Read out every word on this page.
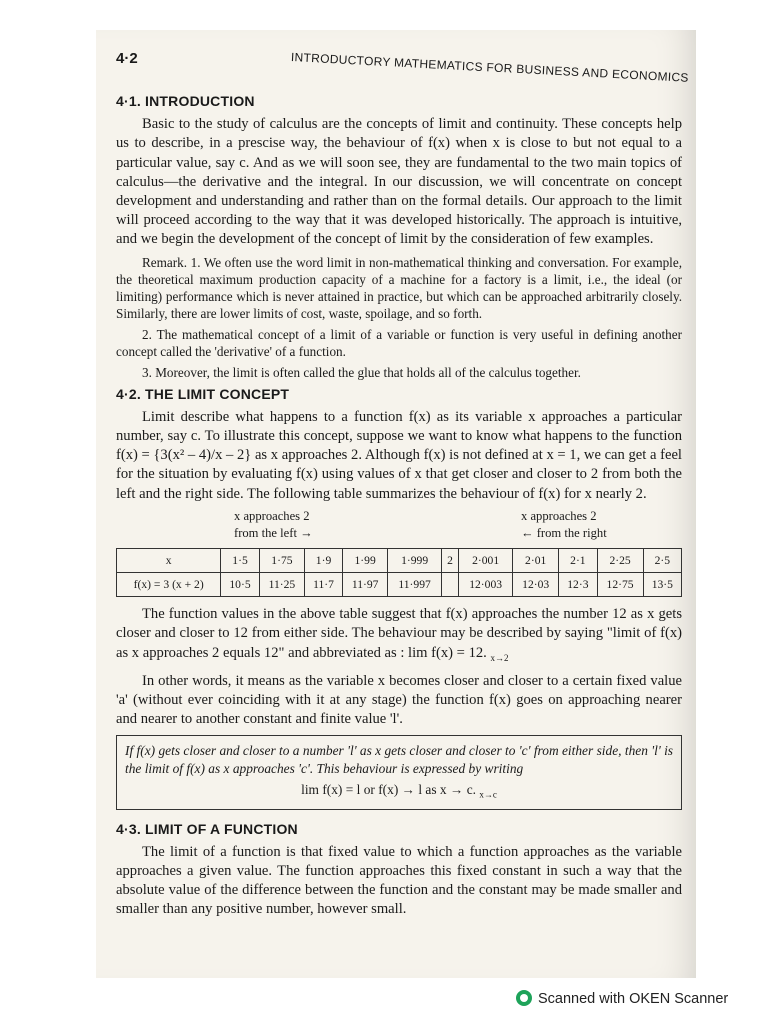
4·2	INTRODUCTORY MATHEMATICS FOR BUSINESS AND ECONOMICS
4·1. INTRODUCTION

Basic to the study of calculus are the concepts of limit and continuity. These concepts help us to describe, in a prescise way, the behaviour of f(x) when x is close to but not equal to a particular value, say c. And as we will soon see, they are fundamental to the two main topics of calculus—the derivative and the integral. In our discussion, we will concentrate on concept development and understanding and rather than on the formal details. Our approach to the limit will proceed according to the way that it was developed historically. The approach is intuitive, and we begin the development of the concept of limit by the consideration of few examples.

Remark. 1. We often use the word limit in non-mathematical thinking and conversation. For example, the theoretical maximum production capacity of a machine for a factory is a limit, i.e., the ideal (or limiting) performance which is never attained in practice, but which can be approached arbitrarily closely. Similarly, there are lower limits of cost, waste, spoilage, and so forth.

2. The mathematical concept of a limit of a variable or function is very useful in defining another concept called the 'derivative' of a function.

3. Moreover, the limit is often called the glue that holds all of the calculus together.

4·2. THE LIMIT CONCEPT

Limit describe what happens to a function f(x) as its variable x approaches a particular number, say c. To illustrate this concept, suppose we want to know what happens to the function f(x) = {3(x² – 4)/x – 2} as x approaches 2. Although f(x) is not defined at x = 1, we can get a feel for the situation by evaluating f(x) using values of x that get closer and closer to 2 from both the left and the right side. The following table summarizes the behaviour of f(x) for x nearly 2.

x approaches 2
from the left →
x approaches 2
← from the right
x	1·5	1·75	1·9	1·99	1·999	2	2·001	2·01	2·1	2·25	2·5
f(x) = 3 (x + 2)	10·5	11·25	11·7	11·97	11·997		12·003	12·03	12·3	12·75	13·5

The function values in the above table suggest that f(x) approaches the number 12 as x gets closer and closer to 12 from either side. The behaviour may be described by saying "limit of f(x) as x approaches 2 equals 12" and abbreviated as : lim f(x) = 12. $_{x\to 2}$

In other words, it means as the variable x becomes closer and closer to a certain fixed value 'a' (without ever coinciding with it at any stage) the function f(x) goes on approaching nearer and nearer to another constant and finite value 'l'.

If f(x) gets closer and closer to a number 'l' as x gets closer and closer to 'c' from either side, then 'l' is the limit of f(x) as x approaches 'c'. This behaviour is expressed by writing
lim f(x) = l or f(x) → l as x → c. $_{x\to c}$
4·3. LIMIT OF A FUNCTION

The limit of a function is that fixed value to which a function approaches as the variable approaches a given value. The function approaches this fixed constant in such a way that the absolute value of the difference between the function and the constant may be made smaller and smaller than any positive number, however small.

Scanned with OKEN Scanner
